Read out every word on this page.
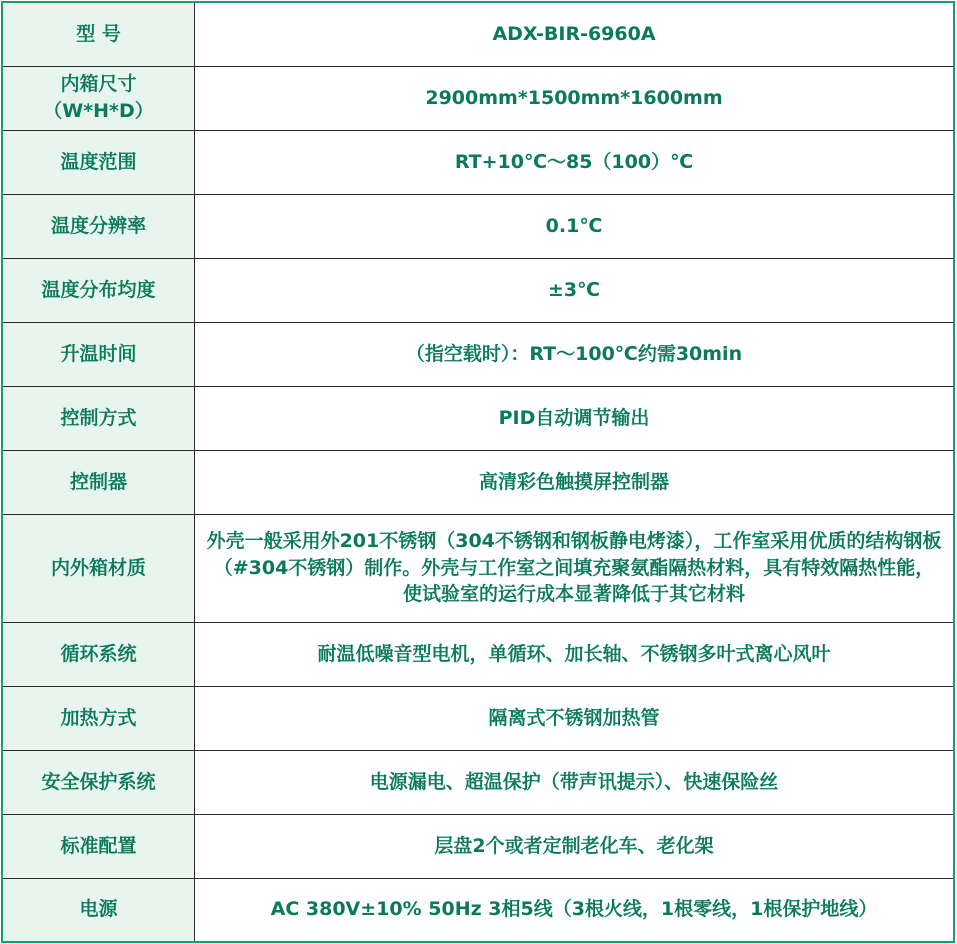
型 号	ADX-BIR-6960A

内箱尺寸
（W*H*D）	2900mm*1500mm*1600mm
温度范围	RT+10℃～85（100）℃
温度分辨率	0.1℃
温度分布均度	±3℃
升温时间	（指空载时）：RT～100℃约需30min
控制方式	PID自动调节输出
控制器	高清彩色触摸屏控制器
内外箱材质	外壳一般采用外201不锈钢（304不锈钢和钢板静电烤漆），工作室采用优质的结构钢板（#304不锈钢）制作。外壳与工作室之间填充聚氨酯隔热材料，具有特效隔热性能，使试验室的运行成本显著降低于其它材料
循环系统	耐温低噪音型电机，单循环、加长轴、不锈钢多叶式离心风叶
加热方式	隔离式不锈钢加热管
安全保护系统	电源漏电、超温保护（带声讯提示）、快速保险丝
标准配置	层盘2个或者定制老化车、老化架
电源	AC 380V±10% 50Hz 3相5线（3根火线，1根零线，1根保护地线）
